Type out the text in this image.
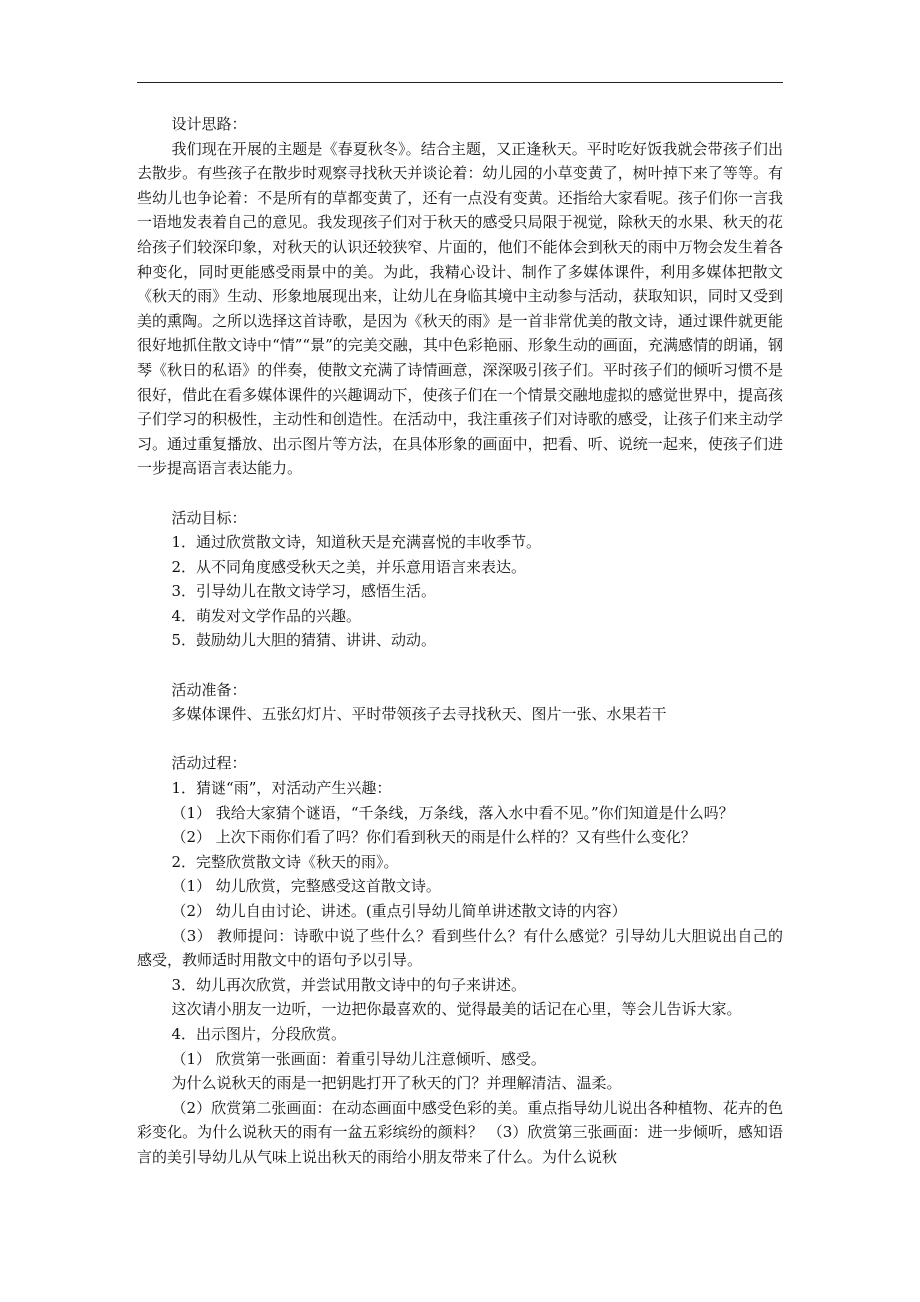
设计思路：

我们现在开展的主题是《春夏秋冬》。结合主题，又正逢秋天。平时吃好饭我就会带孩子们出去散步。有些孩子在散步时观察寻找秋天并谈论着：幼儿园的小草变黄了，树叶掉下来了等等。有些幼儿也争论着：不是所有的草都变黄了，还有一点没有变黄。还指给大家看呢。孩子们你一言我一语地发表着自己的意见。我发现孩子们对于秋天的感受只局限于视觉，除秋天的水果、秋天的花给孩子们较深印象，对秋天的认识还较狭窄、片面的，他们不能体会到秋天的雨中万物会发生着各种变化，同时更能感受雨景中的美。为此，我精心设计、制作了多媒体课件，利用多媒体把散文《秋天的雨》生动、形象地展现出来，让幼儿在身临其境中主动参与活动，获取知识，同时又受到美的熏陶。之所以选择这首诗歌，是因为《秋天的雨》是一首非常优美的散文诗，通过课件就更能很好地抓住散文诗中“情”“景”的完美交融，其中色彩艳丽、形象生动的画面，充满感情的朗诵，钢琴《秋日的私语》的伴奏，使散文充满了诗情画意，深深吸引孩子们。平时孩子们的倾听习惯不是很好，借此在看多媒体课件的兴趣调动下，使孩子们在一个情景交融地虚拟的感觉世界中，提高孩子们学习的积极性，主动性和创造性。在活动中，我注重孩子们对诗歌的感受，让孩子们来主动学习。通过重复播放、出示图片等方法，在具体形象的画面中，把看、听、说统一起来，使孩子们进一步提高语言表达能力。

活动目标：

1．通过欣赏散文诗，知道秋天是充满喜悦的丰收季节。

2．从不同角度感受秋天之美，并乐意用语言来表达。

3．引导幼儿在散文诗学习，感悟生活。

4．萌发对文学作品的兴趣。

5．鼓励幼儿大胆的猜猜、讲讲、动动。

活动准备：

多媒体课件、五张幻灯片、平时带领孩子去寻找秋天、图片一张、水果若干

活动过程：

1．猜谜“雨”，对活动产生兴趣：

（1） 我给大家猜个谜语，“千条线，万条线，落入水中看不见。”你们知道是什么吗？

（2） 上次下雨你们看了吗？你们看到秋天的雨是什么样的？又有些什么变化？

2．完整欣赏散文诗《秋天的雨》。

（1） 幼儿欣赏，完整感受这首散文诗。

（2） 幼儿自由讨论、讲述。(重点引导幼儿简单讲述散文诗的内容）

（3） 教师提问：诗歌中说了些什么？看到些什么？有什么感觉？引导幼儿大胆说出自己的感受，教师适时用散文中的语句予以引导。

3．幼儿再次欣赏，并尝试用散文诗中的句子来讲述。

这次请小朋友一边听，一边把你最喜欢的、觉得最美的话记在心里，等会儿告诉大家。

4．出示图片，分段欣赏。

（1） 欣赏第一张画面：着重引导幼儿注意倾听、感受。

为什么说秋天的雨是一把钥匙打开了秋天的门？并理解清洁、温柔。

（2）欣赏第二张画面：在动态画面中感受色彩的美。重点指导幼儿说出各种植物、花卉的色彩变化。为什么说秋天的雨有一盆五彩缤纷的颜料？ （3）欣赏第三张画面：进一步倾听，感知语言的美引导幼儿从气味上说出秋天的雨给小朋友带来了什么。为什么说秋
